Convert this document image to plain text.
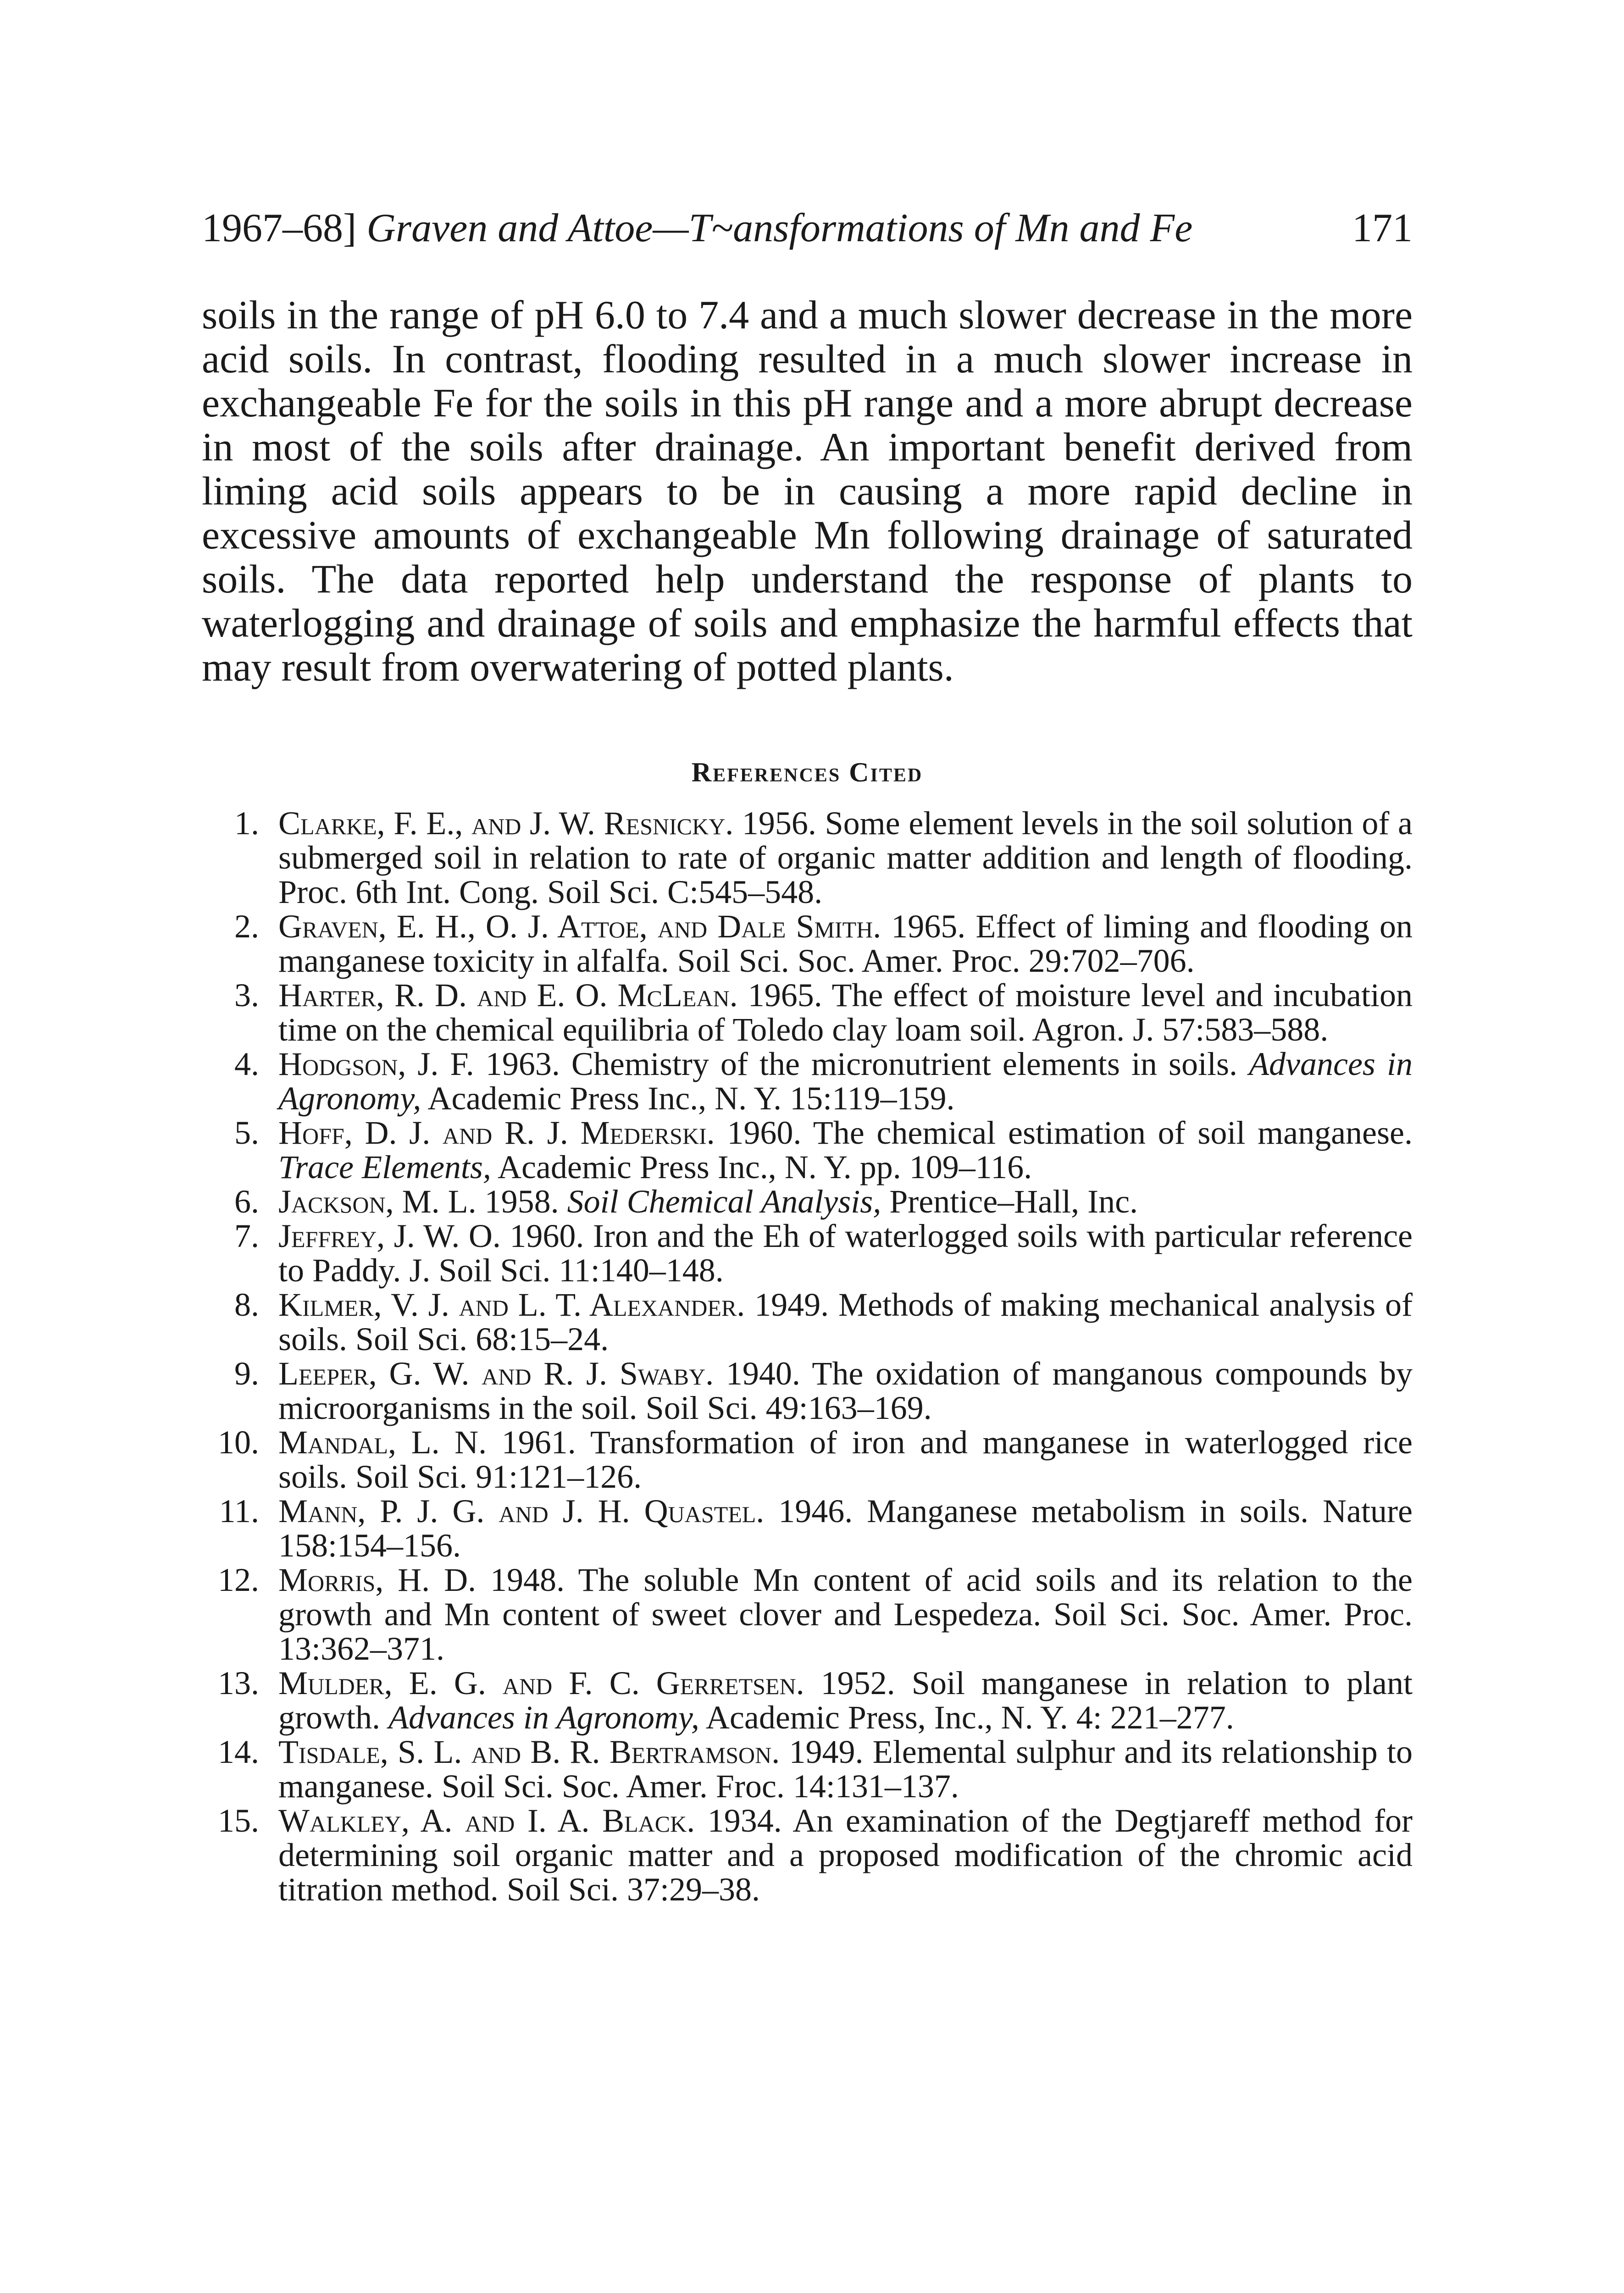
1967–68] Graven and Attoe—T~ansformations of Mn and Fe	171

soils in the range of pH 6.0 to 7.4 and a much slower decrease in the more acid soils. In contrast, flooding resulted in a much slower increase in exchangeable Fe for the soils in this pH range and a more abrupt decrease in most of the soils after drainage. An important benefit derived from liming acid soils appears to be in causing a more rapid decline in excessive amounts of exchangeable Mn following drainage of saturated soils. The data reported help understand the response of plants to waterlogging and drainage of soils and emphasize the harmful effects that may result from overwatering of potted plants.

References Cited
1. Clarke, F. E., and J. W. Resnicky. 1956. Some element levels in the soil solution of a submerged soil in relation to rate of organic matter addition and length of flooding. Proc. 6th Int. Cong. Soil Sci. C:545–548.
2. Graven, E. H., O. J. Attoe, and Dale Smith. 1965. Effect of liming and flooding on manganese toxicity in alfalfa. Soil Sci. Soc. Amer. Proc. 29:702–706.
3. Harter, R. D. and E. O. McLean. 1965. The effect of moisture level and incubation time on the chemical equilibria of Toledo clay loam soil. Agron. J. 57:583–588.
4. Hodgson, J. F. 1963. Chemistry of the micronutrient elements in soils. Advances in Agronomy, Academic Press Inc., N. Y. 15:119–159.
5. Hoff, D. J. and R. J. Mederski. 1960. The chemical estimation of soil manganese. Trace Elements, Academic Press Inc., N. Y. pp. 109–116.
6. Jackson, M. L. 1958. Soil Chemical Analysis, Prentice–Hall, Inc.
7. Jeffrey, J. W. O. 1960. Iron and the Eh of waterlogged soils with particular reference to Paddy. J. Soil Sci. 11:140–148.
8. Kilmer, V. J. and L. T. Alexander. 1949. Methods of making mechanical analysis of soils. Soil Sci. 68:15–24.
9. Leeper, G. W. and R. J. Swaby. 1940. The oxidation of manganous compounds by microorganisms in the soil. Soil Sci. 49:163–169.
10. Mandal, L. N. 1961. Transformation of iron and manganese in waterlogged rice soils. Soil Sci. 91:121–126.
11. Mann, P. J. G. and J. H. Quastel. 1946. Manganese metabolism in soils. Nature 158:154–156.
12. Morris, H. D. 1948. The soluble Mn content of acid soils and its relation to the growth and Mn content of sweet clover and Lespedeza. Soil Sci. Soc. Amer. Proc. 13:362–371.
13. Mulder, E. G. and F. C. Gerretsen. 1952. Soil manganese in relation to plant growth. Advances in Agronomy, Academic Press, Inc., N. Y. 4: 221–277.
14. Tisdale, S. L. and B. R. Bertramson. 1949. Elemental sulphur and its relationship to manganese. Soil Sci. Soc. Amer. Froc. 14:131–137.
15. Walkley, A. and I. A. Black. 1934. An examination of the Degtjareff method for determining soil organic matter and a proposed modification of the chromic acid titration method. Soil Sci. 37:29–38.
